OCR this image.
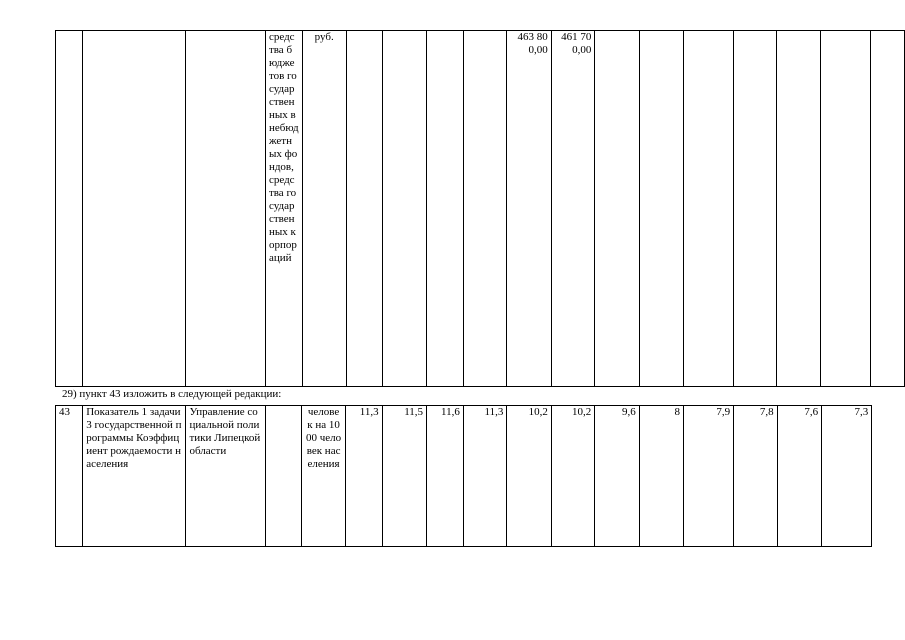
			средства бюджетов государственных внебюджетных фондов, средства государственных корпораций	руб.					463 800,00	461 700,00							
29) пункт 43 изложить в следующей редакции:
43	Показатель 1 задачи 3 государственной программы Коэффициент рождаемости населения	Управление социальной политики Липецкой области		человек на 1000 человек населения	11,3	11,5	11,6	11,3	10,2	10,2	9,6	8	7,9	7,8	7,6	7,3
